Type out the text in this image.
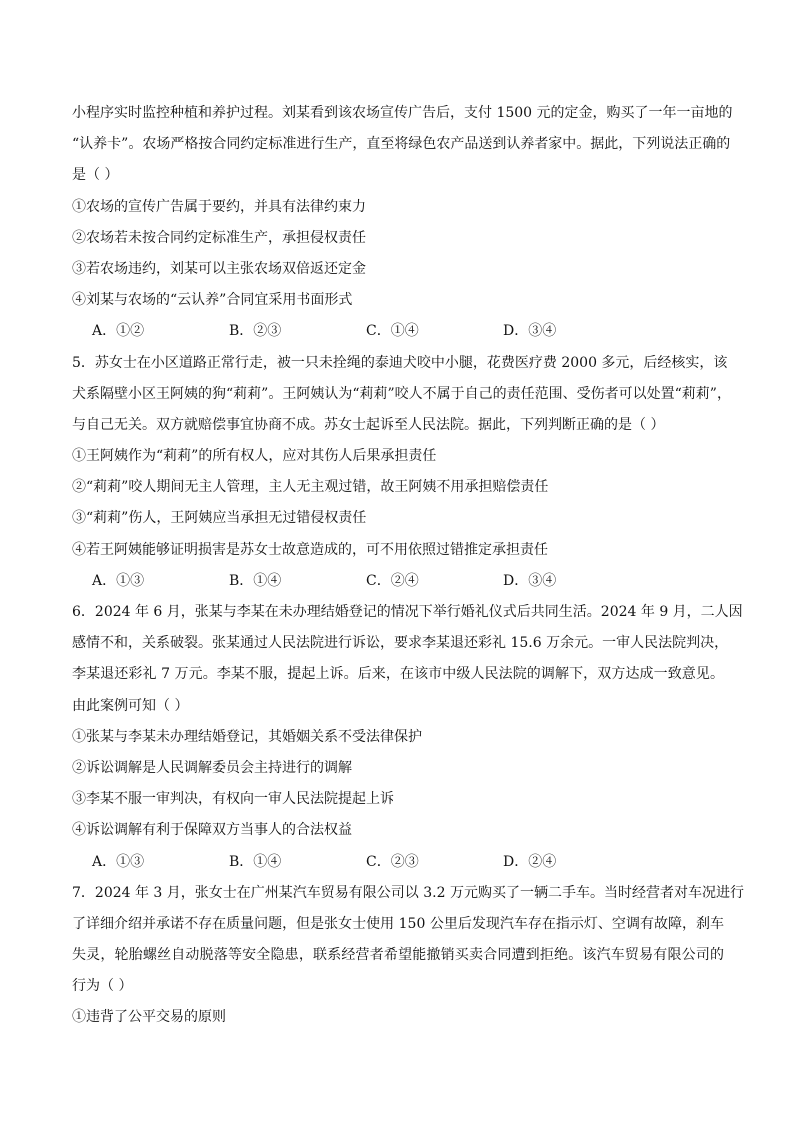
小程序实时监控种植和养护过程。刘某看到该农场宣传广告后，支付 1500 元的定金，购买了一年一亩地的
“认养卡”。农场严格按合同约定标准进行生产，直至将绿色农产品送到认养者家中。据此，下列说法正确的
是（ ）
①农场的宣传广告属于要约，并具有法律约束力
②农场若未按合同约定标准生产，承担侵权责任
③若农场违约，刘某可以主张农场双倍返还定金
④刘某与农场的“云认养”合同宜采用书面形式
A．①②	B．②③	C．①④	D．③④
5．苏女士在小区道路正常行走，被一只未拴绳的泰迪犬咬中小腿，花费医疗费 2000 多元，后经核实，该
犬系隔壁小区王阿姨的狗“莉莉”。王阿姨认为“莉莉”咬人不属于自己的责任范围、受伤者可以处置“莉莉”，
与自己无关。双方就赔偿事宜协商不成。苏女士起诉至人民法院。据此，下列判断正确的是（ ）
①王阿姨作为“莉莉”的所有权人，应对其伤人后果承担责任
②“莉莉”咬人期间无主人管理，主人无主观过错，故王阿姨不用承担赔偿责任
③“莉莉”伤人，王阿姨应当承担无过错侵权责任
④若王阿姨能够证明损害是苏女士故意造成的，可不用依照过错推定承担责任
A．①③	B．①④	C．②④	D．③④
6．2024 年 6 月，张某与李某在未办理结婚登记的情况下举行婚礼仪式后共同生活。2024 年 9 月，二人因
感情不和，关系破裂。张某通过人民法院进行诉讼，要求李某退还彩礼 15.6 万余元。一审人民法院判决，
李某退还彩礼 7 万元。李某不服，提起上诉。后来，在该市中级人民法院的调解下，双方达成一致意见。
由此案例可知（ ）
①张某与李某未办理结婚登记，其婚姻关系不受法律保护
②诉讼调解是人民调解委员会主持进行的调解
③李某不服一审判决，有权向一审人民法院提起上诉
④诉讼调解有利于保障双方当事人的合法权益
A．①③	B．①④	C．②③	D．②④
7．2024 年 3 月，张女士在广州某汽车贸易有限公司以 3.2 万元购买了一辆二手车。当时经营者对车况进行
了详细介绍并承诺不存在质量问题，但是张女士使用 150 公里后发现汽车存在指示灯、空调有故障，刹车
失灵，轮胎螺丝自动脱落等安全隐患，联系经营者希望能撤销买卖合同遭到拒绝。该汽车贸易有限公司的
行为（ ）
①违背了公平交易的原则
